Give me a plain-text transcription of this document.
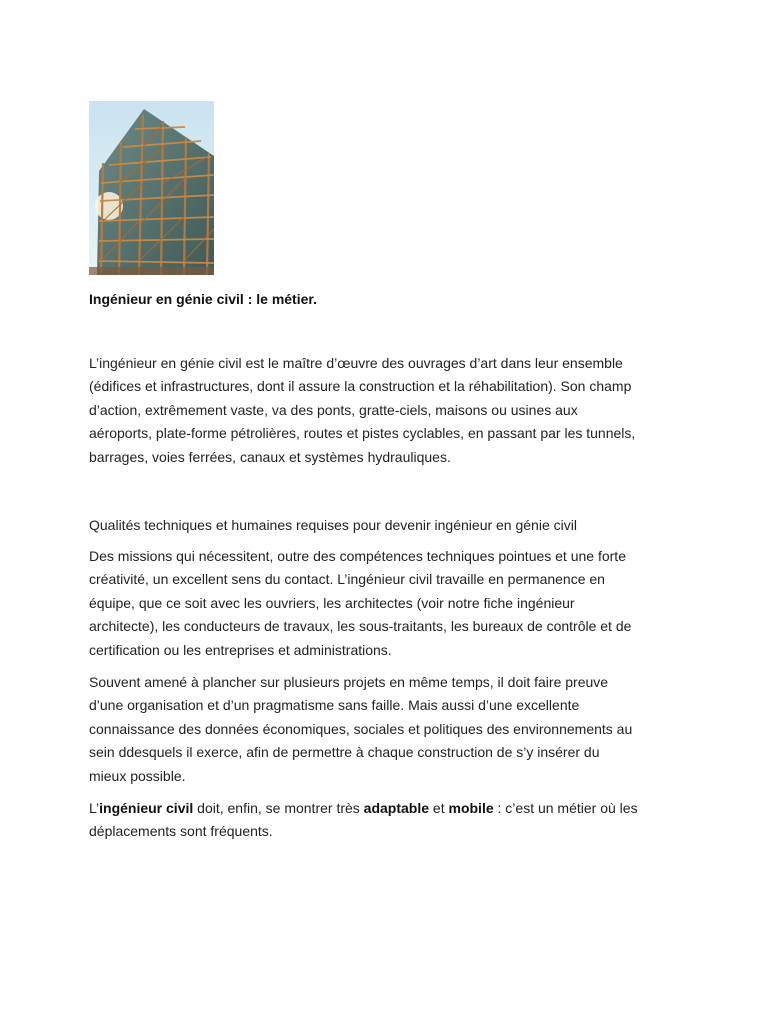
Ingénieur en génie civil : le métier.

L’ingénieur en génie civil est le maître d’œuvre des ouvrages d’art dans leur ensemble
(édifices et infrastructures, dont il assure la construction et la réhabilitation). Son champ
d’action, extrêmement vaste, va des ponts, gratte-ciels, maisons ou usines aux
aéroports, plate-forme pétrolières, routes et pistes cyclables, en passant par les tunnels,
barrages, voies ferrées, canaux et systèmes hydrauliques.

Qualités techniques et humaines requises pour devenir ingénieur en génie civil

Des missions qui nécessitent, outre des compétences techniques pointues et une forte
créativité, un excellent sens du contact. L’ingénieur civil travaille en permanence en
équipe, que ce soit avec les ouvriers, les architectes (voir notre fiche ingénieur
architecte), les conducteurs de travaux, les sous-traitants, les bureaux de contrôle et de
certification ou les entreprises et administrations.

Souvent amené à plancher sur plusieurs projets en même temps, il doit faire preuve
d’une organisation et d’un pragmatisme sans faille. Mais aussi d’une excellente
connaissance des données économiques, sociales et politiques des environnements au
sein ddesquels il exerce, afin de permettre à chaque construction de s’y insérer du
mieux possible.

L’ingénieur civil doit, enfin, se montrer très adaptable et mobile : c’est un métier où les
déplacements sont fréquents.
